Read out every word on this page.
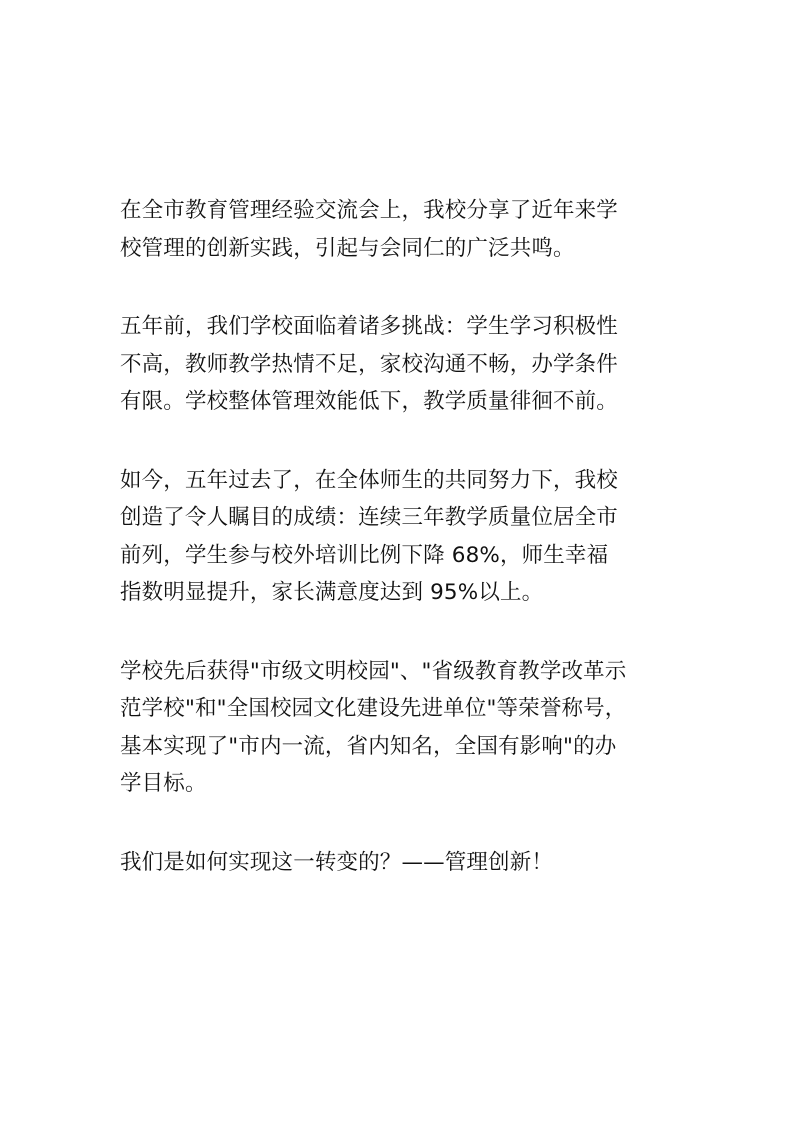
在全市教育管理经验交流会上，我校分享了近年来学
校管理的创新实践，引起与会同仁的广泛共鸣。

五年前，我们学校面临着诸多挑战：学生学习积极性
不高，教师教学热情不足，家校沟通不畅，办学条件
有限。学校整体管理效能低下，教学质量徘徊不前。

如今，五年过去了，在全体师生的共同努力下，我校
创造了令人瞩目的成绩：连续三年教学质量位居全市
前列，学生参与校外培训比例下降 68%，师生幸福
指数明显提升，家长满意度达到 95%以上。

学校先后获得"市级文明校园"、"省级教育教学改革示
范学校"和"全国校园文化建设先进单位"等荣誉称号，
基本实现了"市内一流，省内知名，全国有影响"的办
学目标。

我们是如何实现这一转变的？——管理创新！
